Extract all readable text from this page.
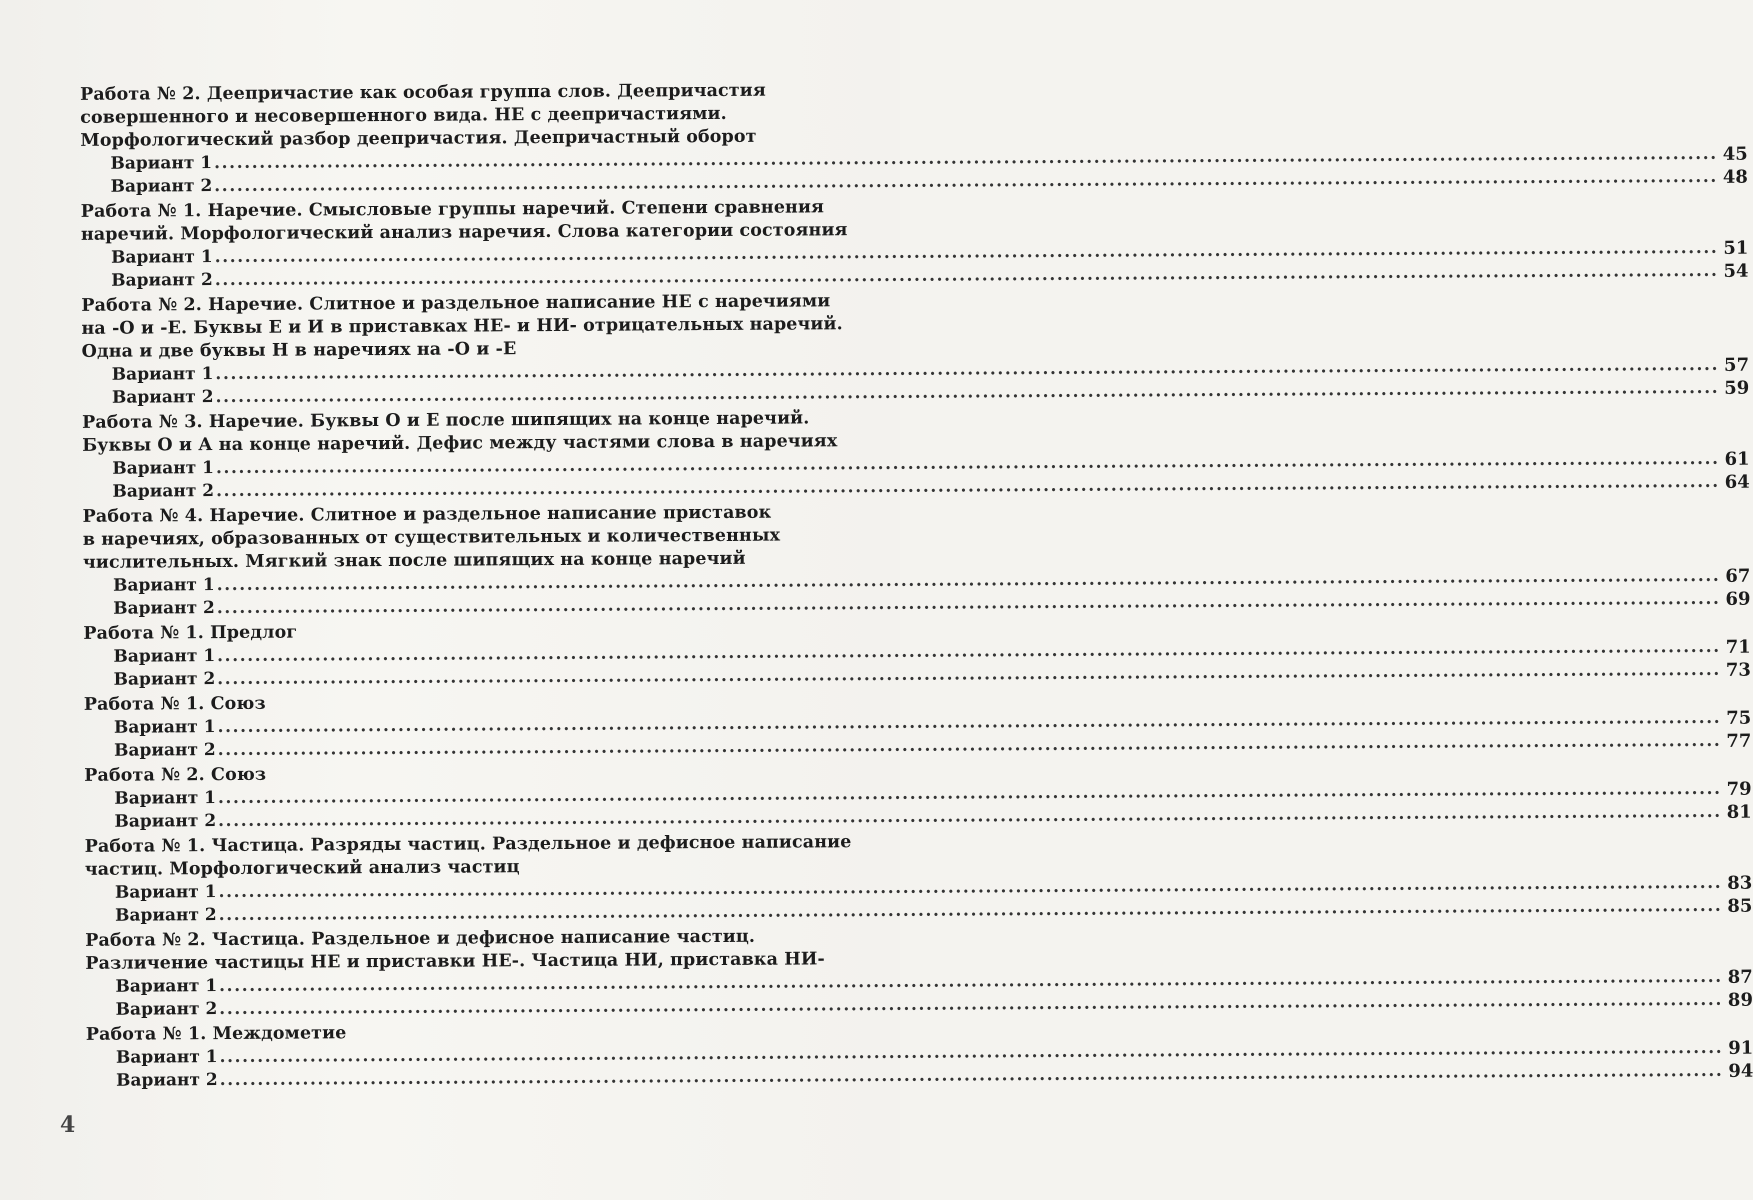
Работа № 2. Деепричастие как особая группа слов. Деепричастия
совершенного и несовершенного вида. НЕ с деепричастиями.
Морфологический разбор деепричастия. Деепричастный оборот
Вариант 1 ........................................................................................................................................................................................................ 45
Вариант 2 ........................................................................................................................................................................................................ 48
Работа № 1. Наречие. Смысловые группы наречий. Степени сравнения
наречий. Морфологический анализ наречия. Слова категории состояния
Вариант 1 ........................................................................................................................................................................................................ 51
Вариант 2 ........................................................................................................................................................................................................ 54
Работа № 2. Наречие. Слитное и раздельное написание НЕ с наречиями
на -О и -Е. Буквы Е и И в приставках НЕ- и НИ- отрицательных наречий.
Одна и две буквы Н в наречиях на -О и -Е
Вариант 1 ........................................................................................................................................................................................................ 57
Вариант 2 ........................................................................................................................................................................................................ 59
Работа № 3. Наречие. Буквы О и Е после шипящих на конце наречий.
Буквы О и А на конце наречий. Дефис между частями слова в наречиях
Вариант 1 ........................................................................................................................................................................................................ 61
Вариант 2 ........................................................................................................................................................................................................ 64
Работа № 4. Наречие. Слитное и раздельное написание приставок
в наречиях, образованных от существительных и количественных
числительных. Мягкий знак после шипящих на конце наречий
Вариант 1 ........................................................................................................................................................................................................ 67
Вариант 2 ........................................................................................................................................................................................................ 69
Работа № 1. Предлог
Вариант 1 ........................................................................................................................................................................................................ 71
Вариант 2 ........................................................................................................................................................................................................ 73
Работа № 1. Союз
Вариант 1 ........................................................................................................................................................................................................ 75
Вариант 2 ........................................................................................................................................................................................................ 77
Работа № 2. Союз
Вариант 1 ........................................................................................................................................................................................................ 79
Вариант 2 ........................................................................................................................................................................................................ 81
Работа № 1. Частица. Разряды частиц. Раздельное и дефисное написание
частиц. Морфологический анализ частиц
Вариант 1 ........................................................................................................................................................................................................ 83
Вариант 2 ........................................................................................................................................................................................................ 85
Работа № 2. Частица. Раздельное и дефисное написание частиц.
Различение частицы НЕ и приставки НЕ-. Частица НИ, приставка НИ-
Вариант 1 ........................................................................................................................................................................................................ 87
Вариант 2 ........................................................................................................................................................................................................ 89
Работа № 1. Междометие
Вариант 1 ........................................................................................................................................................................................................ 91
Вариант 2 ........................................................................................................................................................................................................ 94
4
